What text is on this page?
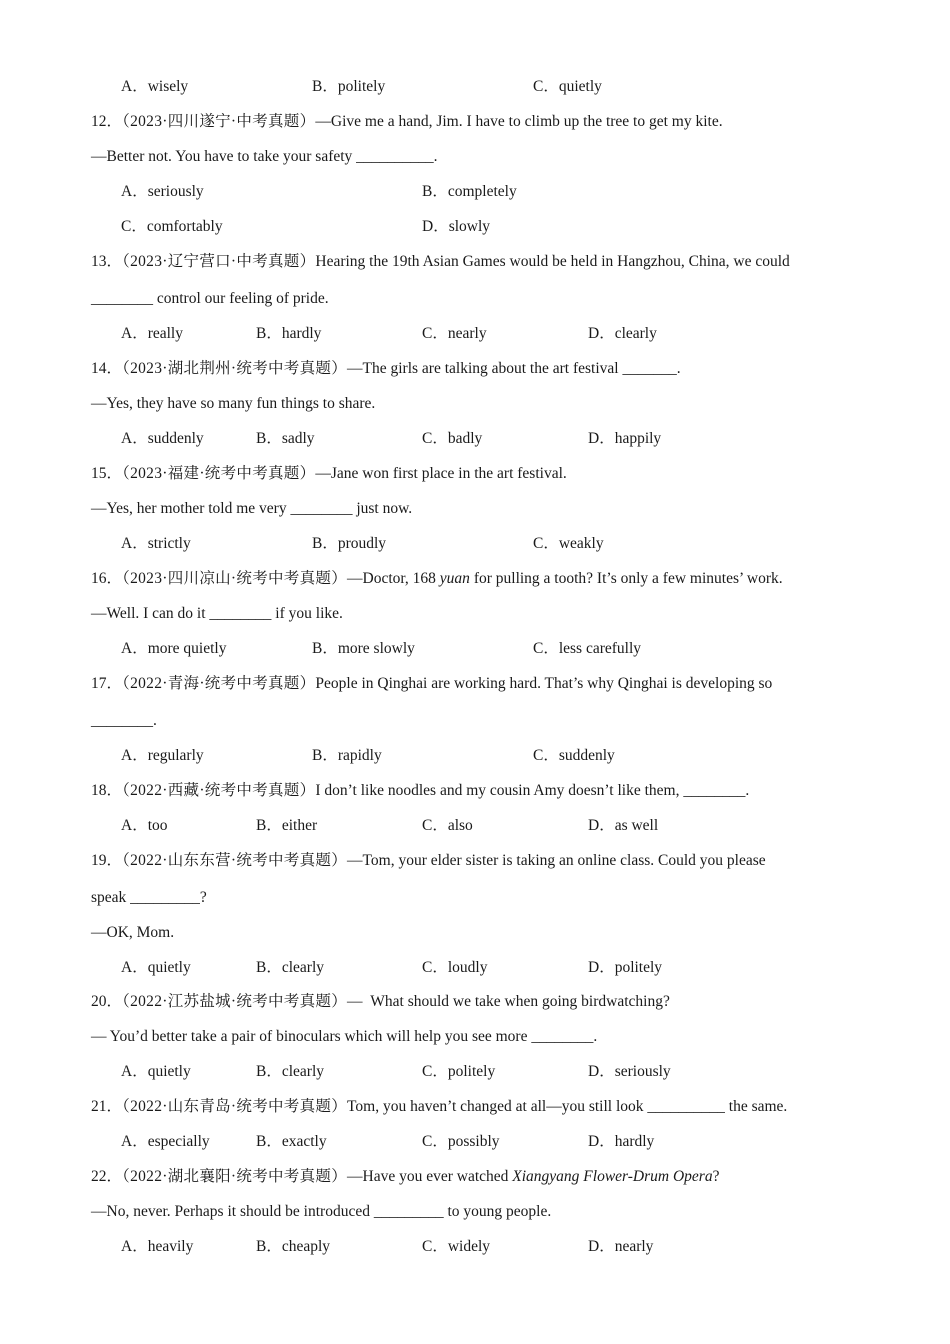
A．wisely	B．politely	C．quietly
12．（2023·四川遂宁·中考真题）—Give me a hand, Jim. I have to climb up the tree to get my kite.
—Better not. You have to take your safety __________.
A．seriously	B．completely
C．comfortably	D．slowly
13．（2023·辽宁营口·中考真题）Hearing the 19th Asian Games would be held in Hangzhou, China, we could
________ control our feeling of pride.
A．really	B．hardly	C．nearly	D．clearly
14．（2023·湖北荆州·统考中考真题）—The girls are talking about the art festival _______.
—Yes, they have so many fun things to share.
A．suddenly	B．sadly	C．badly	D．happily
15．（2023·福建·统考中考真题）—Jane won first place in the art festival.
—Yes, her mother told me very ________ just now.
A．strictly	B．proudly	C．weakly
16．（2023·四川凉山·统考中考真题）—Doctor, 168 yuan for pulling a tooth? It’s only a few minutes’ work.
—Well. I can do it ________ if you like.
A．more quietly	B．more slowly	C．less carefully
17．（2022·青海·统考中考真题）People in Qinghai are working hard. That’s why Qinghai is developing so
________.
A．regularly	B．rapidly	C．suddenly
18．（2022·西藏·统考中考真题）I don’t like noodles and my cousin Amy doesn’t like them, ________.
A．too	B．either	C．also	D．as well
19．（2022·山东东营·统考中考真题）—Tom, your elder sister is taking an online class. Could you please
speak _________?
—OK, Mom.
A．quietly	B．clearly	C．loudly	D．politely
20．（2022·江苏盐城·统考中考真题）—  What should we take when going birdwatching?
— You’d better take a pair of binoculars which will help you see more ________.
A．quietly	B．clearly	C．politely	D．seriously
21．（2022·山东青岛·统考中考真题）Tom, you haven’t changed at all—you still look __________ the same.
A．especially	B．exactly	C．possibly	D．hardly
22．（2022·湖北襄阳·统考中考真题）—Have you ever watched Xiangyang Flower-Drum Opera?
—No, never. Perhaps it should be introduced _________ to young people.
A．heavily	B．cheaply	C．widely	D．nearly
